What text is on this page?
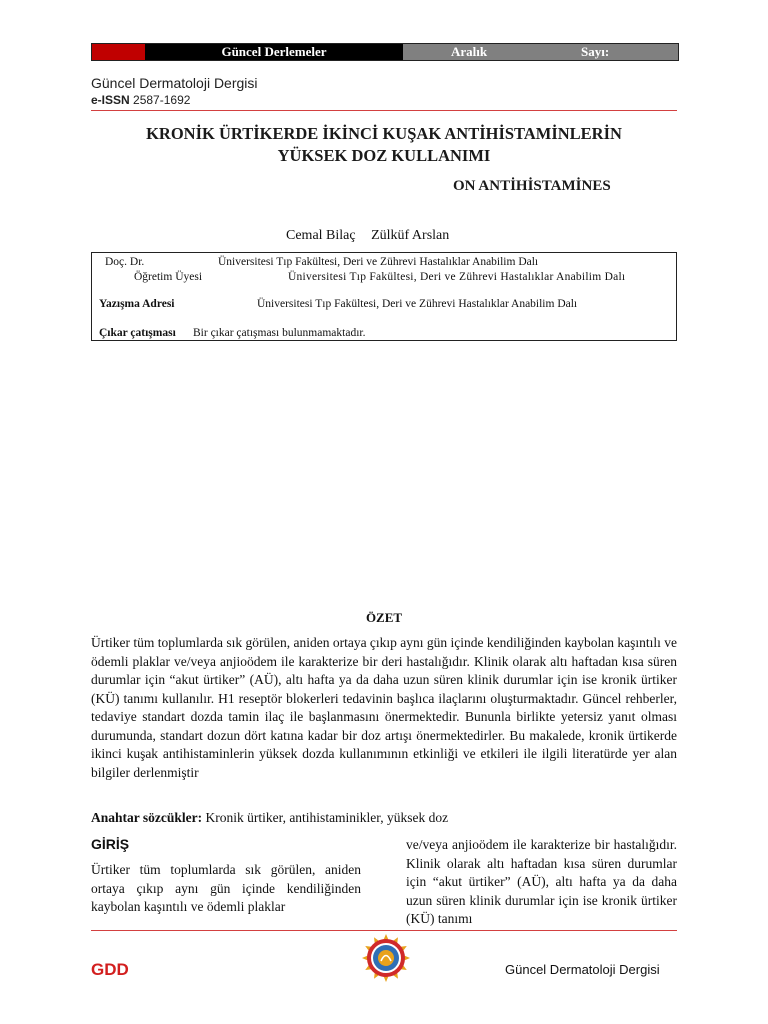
Güncel Derlemeler	Aralık	Sayı:
Güncel Dermatoloji Dergisi
e-ISSN 2587-1692
KRONİK ÜRTİKERDE İKİNCİ KUŞAK ANTİHİSTAMİNLERİN
YÜKSEK DOZ KULLANIMI
ON ANTİHİSTAMİNES
Cemal Bilaç Zülküf Arslan
Doç. Dr.	Üniversitesi Tıp Fakültesi, Deri ve Zührevi Hastalıklar Anabilim Dalı
Öğretim Üyesi	Üniversitesi Tıp Fakültesi, Deri ve Zührevi Hastalıklar Anabilim Dalı
Yazışma Adresi	Üniversitesi Tıp Fakültesi, Deri ve Zührevi Hastalıklar Anabilim Dalı
Çıkar çatışması Bir çıkar çatışması bulunmamaktadır.
ÖZET
Ürtiker tüm toplumlarda sık görülen, aniden ortaya çıkıp aynı gün içinde kendiliğinden kaybolan kaşıntılı ve ödemli plaklar ve/veya anjioödem ile karakterize bir deri hastalığıdır. Klinik olarak altı haftadan kısa süren durumlar için “akut ürtiker” (AÜ), altı hafta ya da daha uzun süren klinik durumlar için ise kronik ürtiker (KÜ) tanımı kullanılır. H1 reseptör blokerleri tedavinin başlıca ilaçlarını oluşturmaktadır. Güncel rehberler, tedaviye standart dozda tamin ilaç ile başlanmasını önermektedir. Bununla birlikte yetersiz yanıt olması durumunda, standart dozun dört katına kadar bir doz artışı önermektedirler. Bu makalede, kronik ürtikerde ikinci kuşak antihistaminlerin yüksek dozda kullanımının etkinliği ve etkileri ile ilgili literatürde yer alan bilgiler derlenmiştir
Anahtar sözcükler: Kronik ürtiker, antihistaminikler, yüksek doz
GİRİŞ
Ürtiker tüm toplumlarda sık görülen, aniden ortaya çıkıp aynı gün içinde kendiliğinden kaybolan kaşıntılı ve ödemli plaklar
ve/veya anjioödem ile karakterize bir hastalığıdır. Klinik olarak altı haftadan kısa süren durumlar için “akut ürtiker” (AÜ), altı hafta ya da daha uzun süren klinik durumlar için ise kronik ürtiker (KÜ) tanımı
GDD	Güncel Dermatoloji Dergisi
